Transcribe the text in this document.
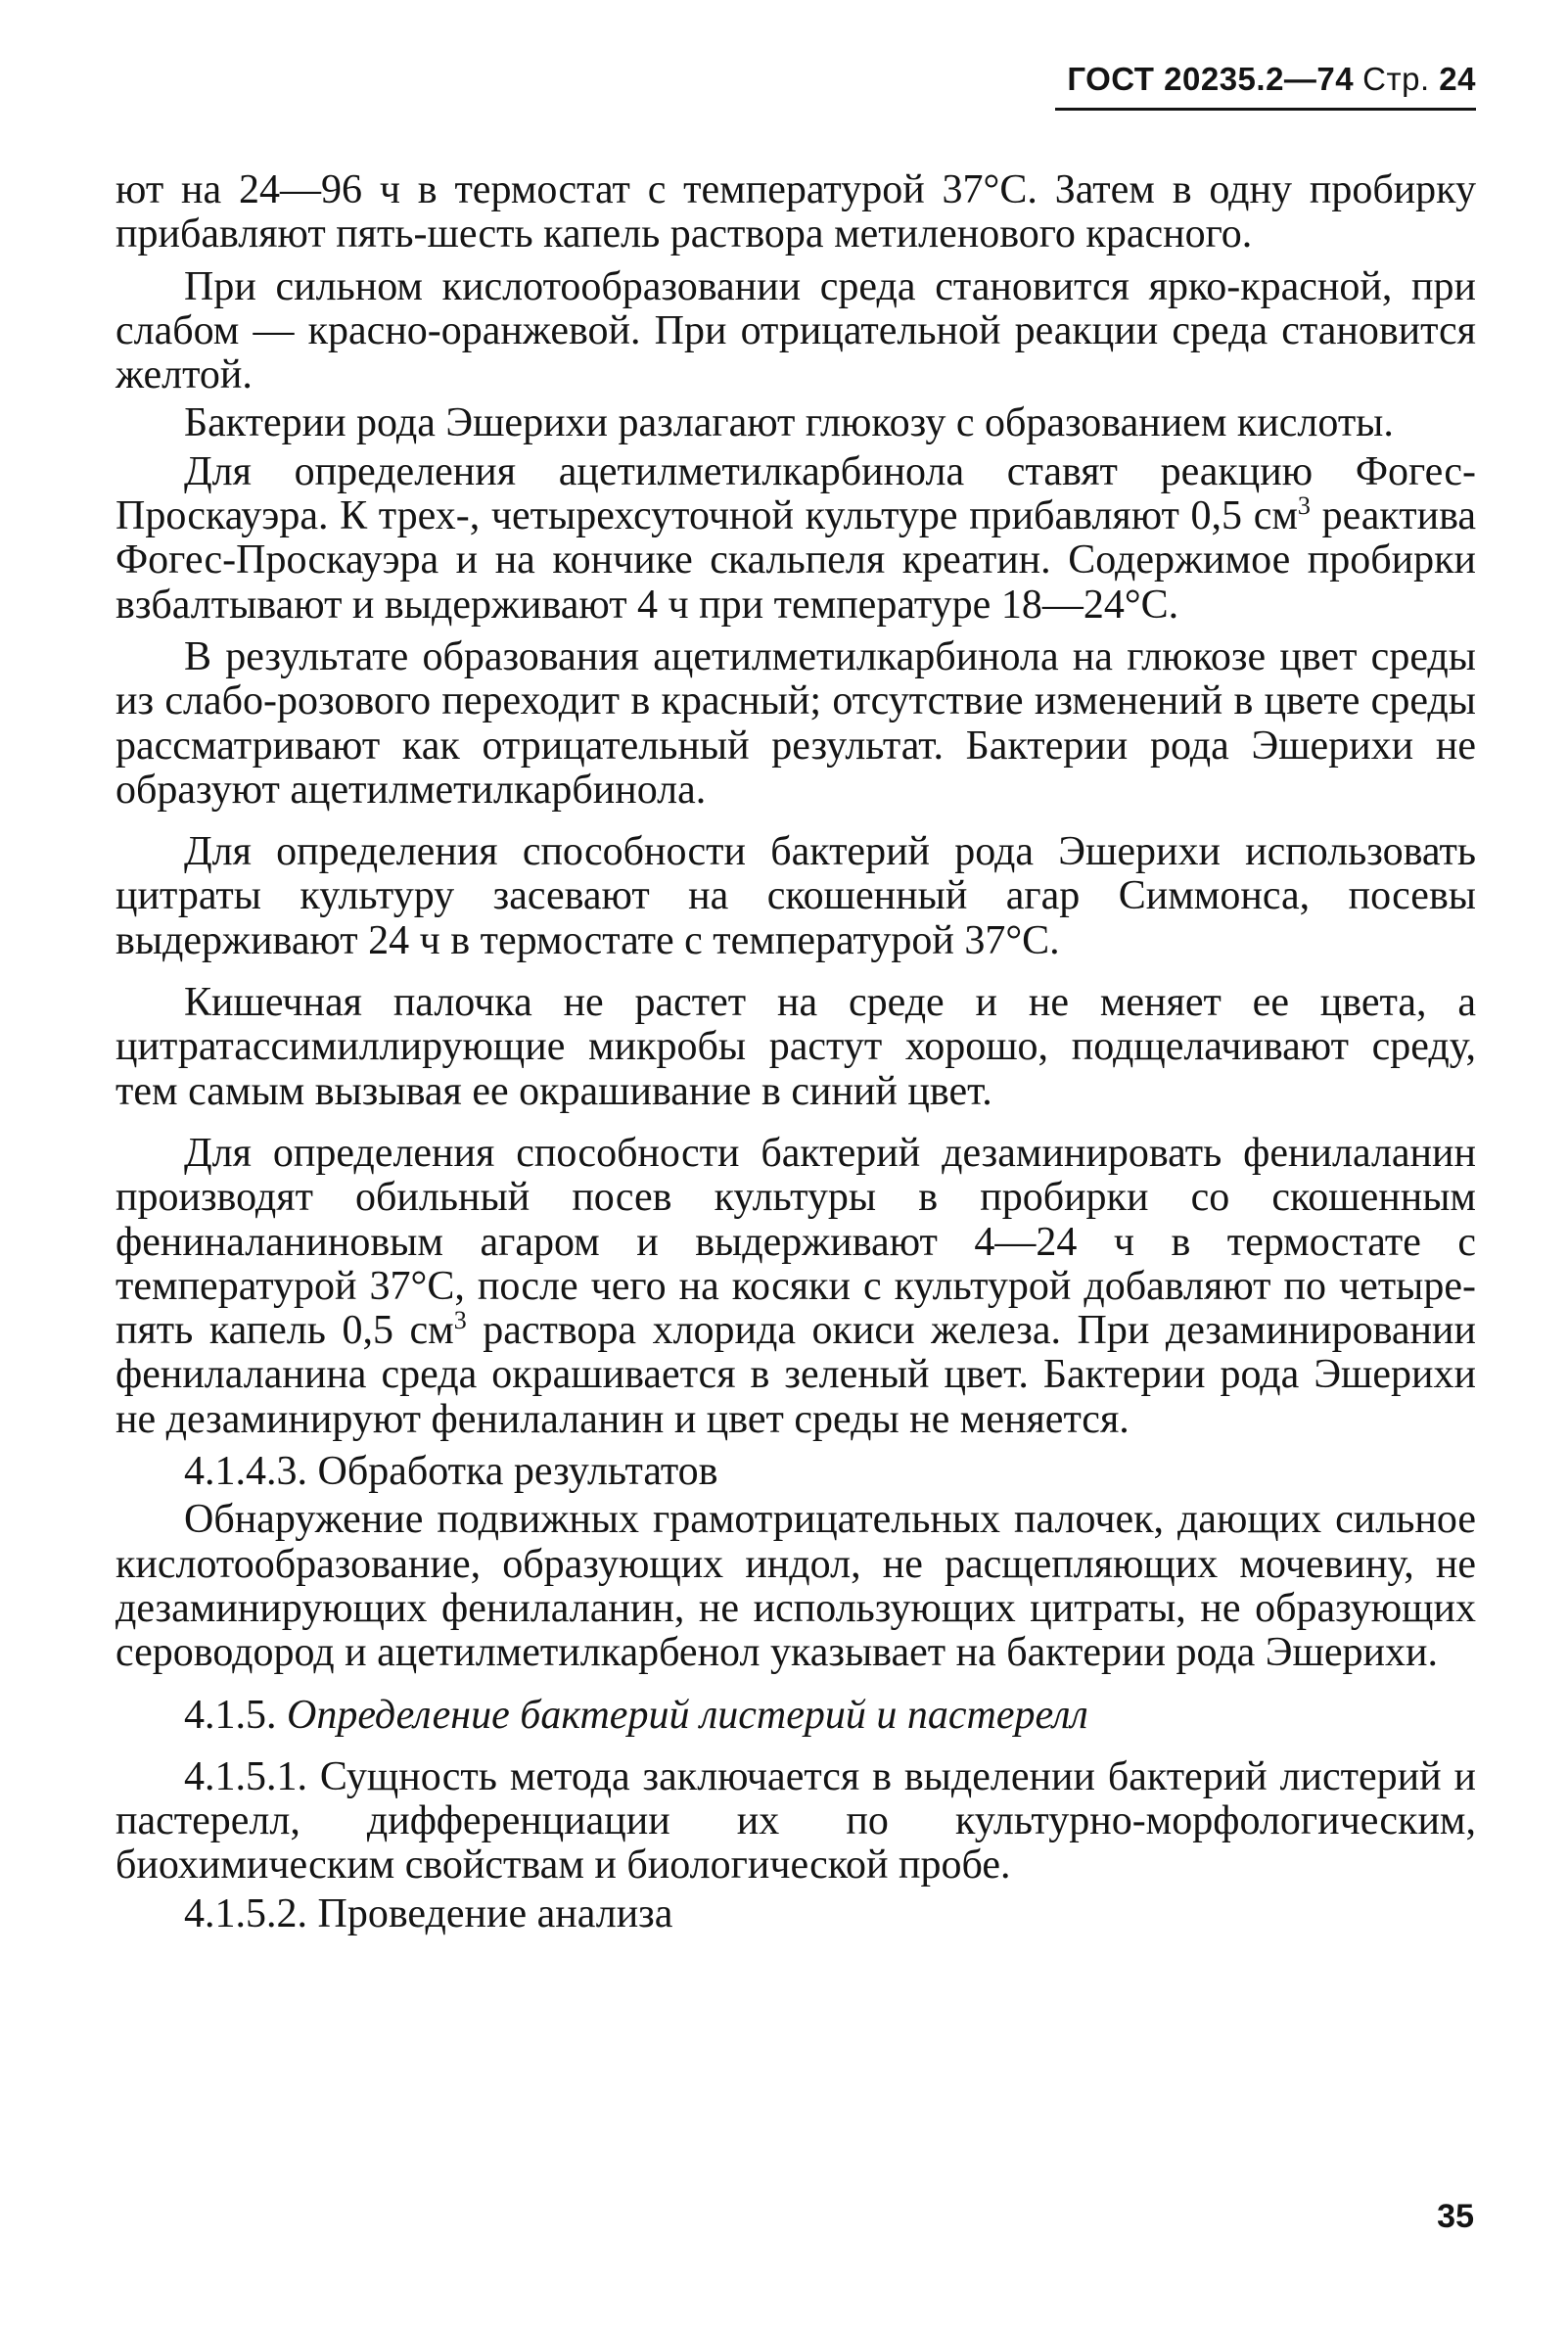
ГОСТ 20235.2—74 Стр. 24

ют на 24—96 ч в термостат с температурой 37°С. Затем в одну пробирку прибавляют пять-шесть капель раствора метиленового красного.

При сильном кислотообразовании среда становится ярко-красной, при слабом — красно-оранжевой. При отрицательной реакции среда становится желтой.

Бактерии рода Эшерихи разлагают глюкозу с образованием кислоты.

Для определения ацетилметилкарбинола ставят реакцию Фогес-Проскауэра. К трех-, четырехсуточной культуре прибавляют 0,5 $см^3$ реактива Фогес-Проскауэра и на кончике скальпеля креатин. Содержимое пробирки взбалтывают и выдерживают 4 ч при температуре 18—24°С.

В результате образования ацетилметилкарбинола на глюкозе цвет среды из слабо-розового переходит в красный; отсутствие изменений в цвете среды рассматривают как отрицательный результат. Бактерии рода Эшерихи не образуют ацетилметилкарбинола.

Для определения способности бактерий рода Эшерихи использовать цитраты культуру засевают на скошенный агар Симмонса, посевы выдерживают 24 ч в термостате с температурой 37°С.

Кишечная палочка не растет на среде и не меняет ее цвета, а цитратассимиллирующие микробы растут хорошо, подщелачивают среду, тем самым вызывая ее окрашивание в синий цвет.

Для определения способности бактерий дезаминировать фенилаланин производят обильный посев культуры в пробирки со скошенным фениналаниновым агаром и выдерживают 4—24 ч в термостате с температурой 37°С, после чего на косяки с культурой добавляют по четыре-пять капель 0,5 $см^3$ раствора хлорида окиси железа. При дезаминировании фенилаланина среда окрашивается в зеленый цвет. Бактерии рода Эшерихи не дезаминируют фенилаланин и цвет среды не меняется.

4.1.4.3. Обработка результатов

Обнаружение подвижных грамотрицательных палочек, дающих сильное кислотообразование, образующих индол, не расщепляющих мочевину, не дезаминирующих фенилаланин, не использующих цитраты, не образующих сероводород и ацетилметилкарбенол указывает на бактерии рода Эшерихи.

4.1.5. Определение бактерий листерий и пастерелл

4.1.5.1. Сущность метода заключается в выделении бактерий листерий и пастерелл, дифференциации их по культурно-морфологическим, биохимическим свойствам и биологической пробе.

4.1.5.2. Проведение анализа

35
